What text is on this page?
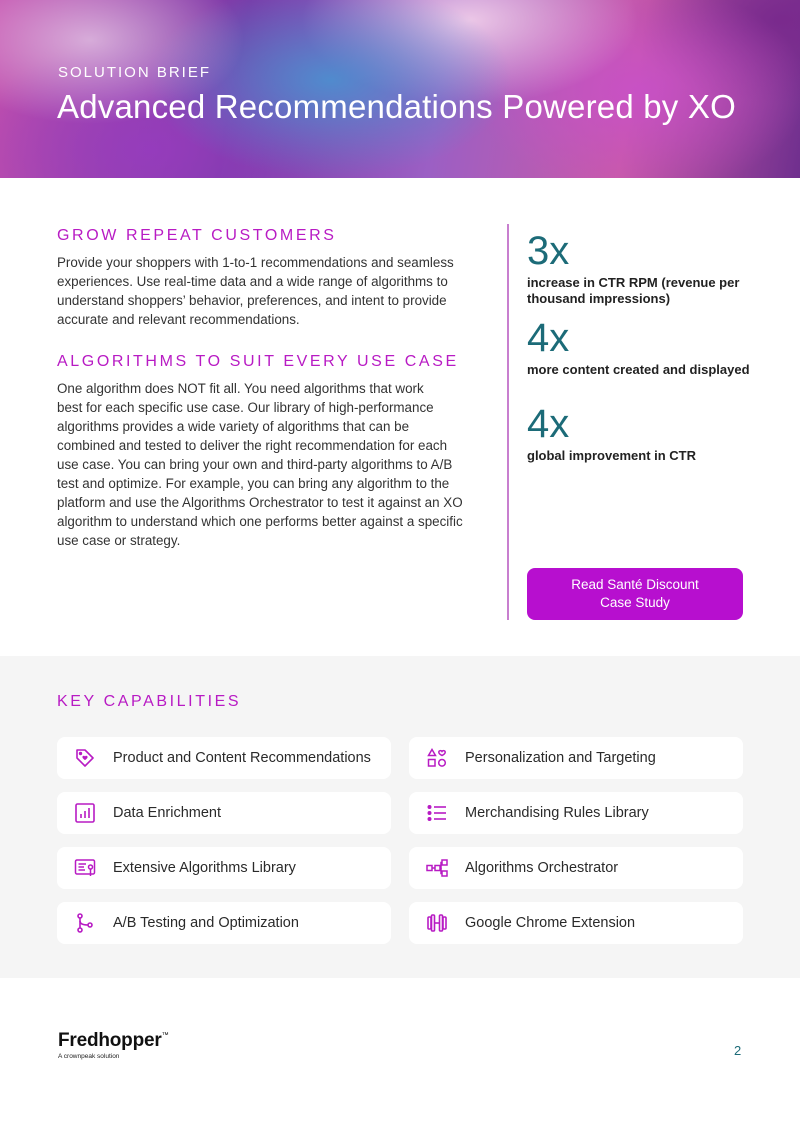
SOLUTION BRIEF
Advanced Recommendations Powered by XO
GROW REPEAT CUSTOMERS
Provide your shoppers with 1-to-1 recommendations and seamless
experiences. Use real-time data and a wide range of algorithms to
understand shoppers’ behavior, preferences, and intent to provide
accurate and relevant recommendations.
ALGORITHMS TO SUIT EVERY USE CASE
One algorithm does NOT fit all. You need algorithms that work
best for each specific use case. Our library of high-performance
algorithms provides a wide variety of algorithms that can be
combined and tested to deliver the right recommendation for each
use case. You can bring your own and third-party algorithms to A/B
test and optimize. For example, you can bring any algorithm to the
platform and use the Algorithms Orchestrator to test it against an XO
algorithm to understand which one performs better against a specific
use case or strategy.
3x
increase in CTR RPM (revenue per thousand impressions)
4x
more content created and displayed
4x
global improvement in CTR
Read Santé Discount Case Study
KEY CAPABILITIES
Product and Content Recommendations	Personalization and Targeting
Data Enrichment	Merchandising Rules Library
Extensive Algorithms Library	Algorithms Orchestrator
A/B Testing and Optimization	Google Chrome Extension
Fredhopper™
A crownpeak solution	2
